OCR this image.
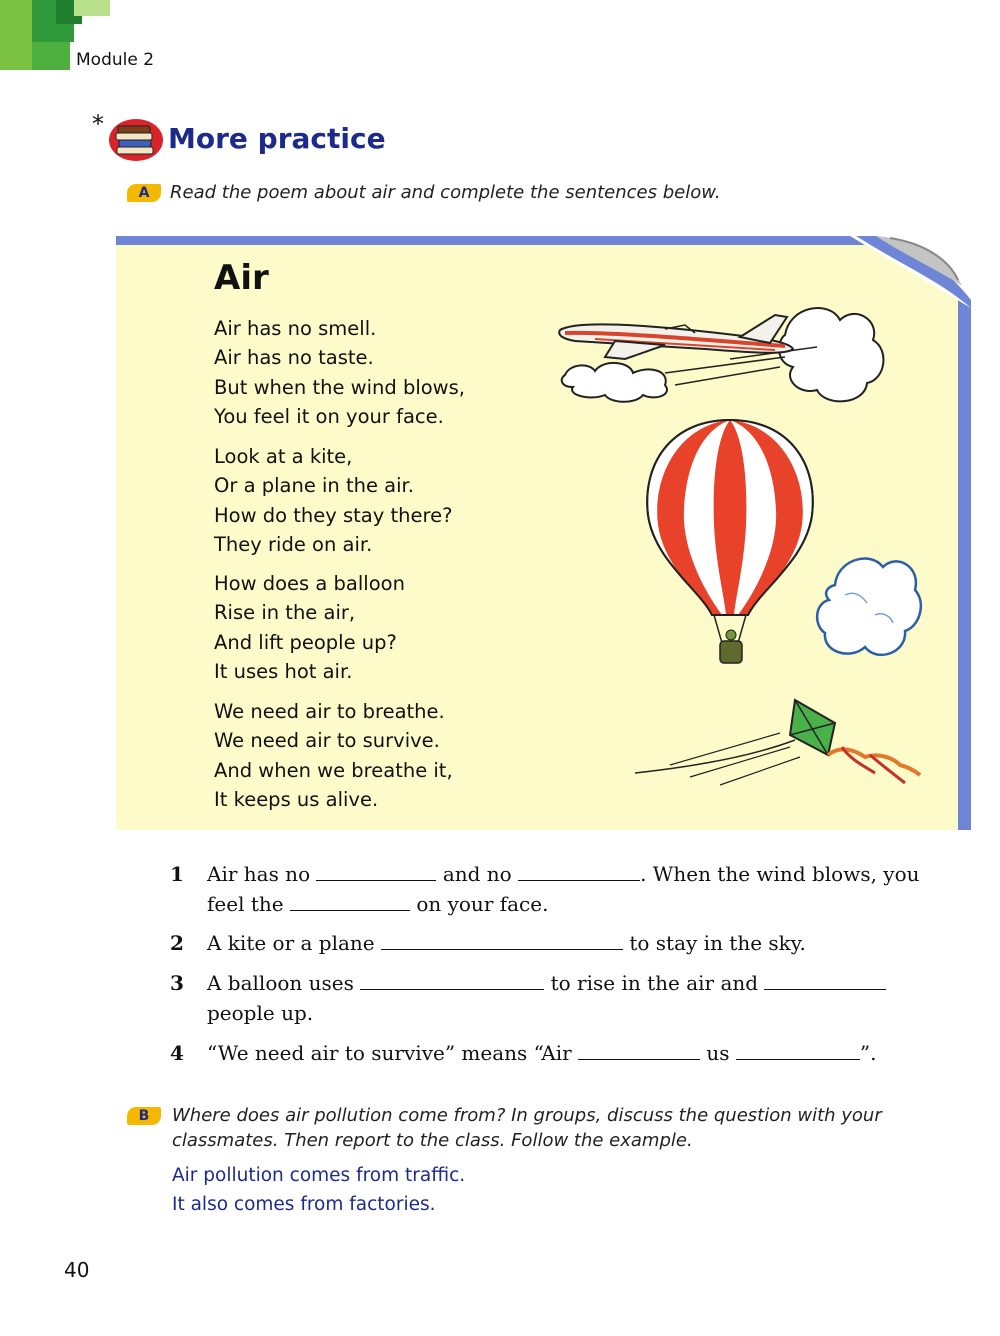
Module 2
* More practice
A	Read the poem about air and complete the sentences below.
Air
Air has no smell.
Air has no taste.
But when the wind blows,
You feel it on your face.
Look at a kite,
Or a plane in the air.
How do they stay there?
They ride on air.
How does a balloon
Rise in the air,
And lift people up?
It uses hot air.
We need air to breathe.
We need air to survive.
And when we breathe it,
It keeps us alive.
1 Air has no	and no	. When the wind blows, you
feel the	on your face.
2 A kite or a plane	to stay in the sky.
3 A balloon uses	to rise in the air and
people up.
4 “We need air to survive” means “Air	us	”.
B	Where does air pollution come from? In groups, discuss the question with your
classmates. Then report to the class. Follow the example.
Air pollution comes from traffic.
It also comes from factories.
40
